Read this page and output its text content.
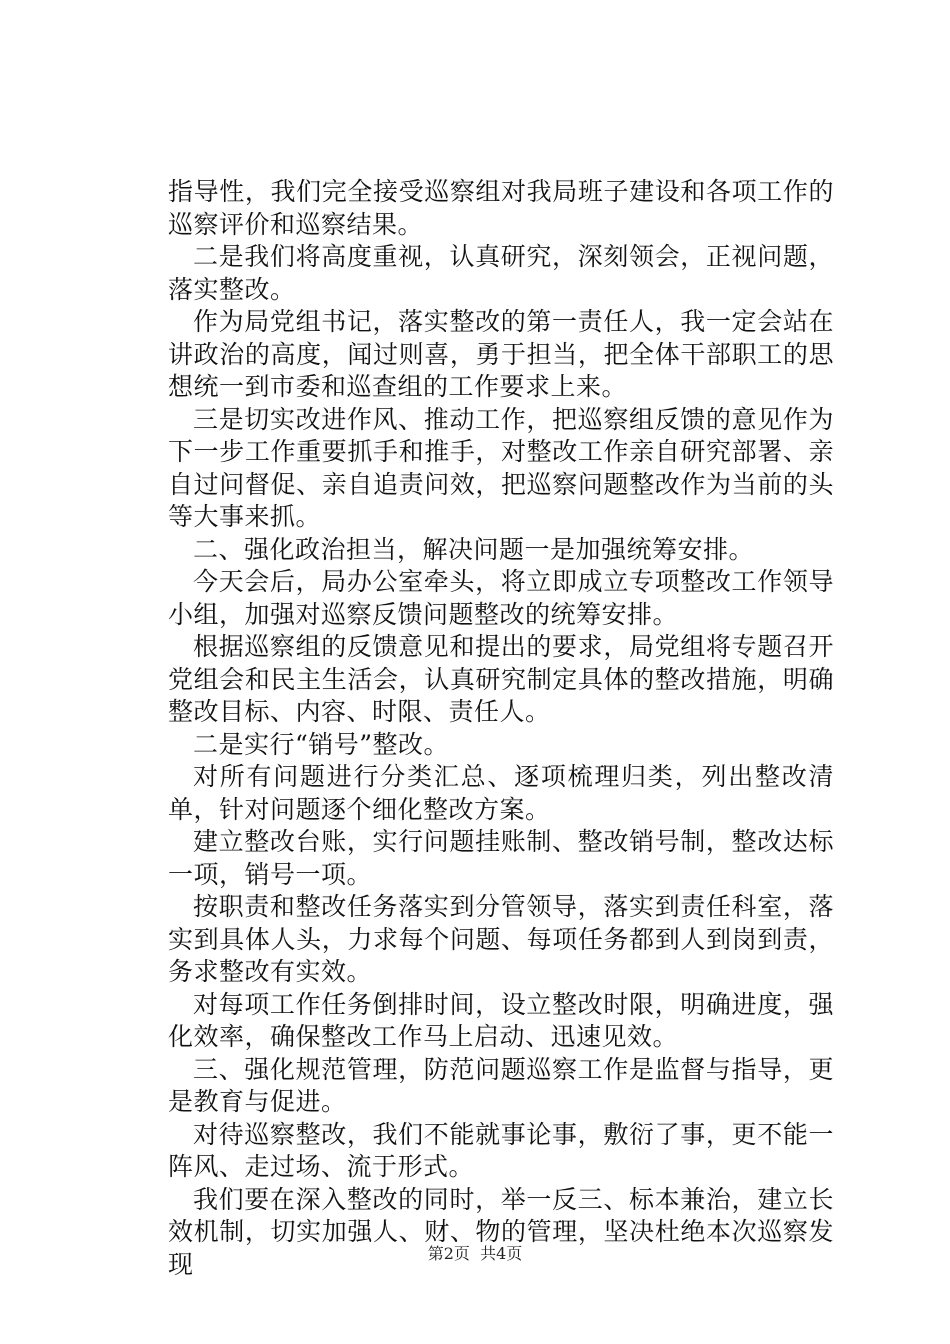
指导性，我们完全接受巡察组对我局班子建设和各项工作的巡察评价和巡察结果。

二是我们将高度重视，认真研究，深刻领会，正视问题，落实整改。

作为局党组书记，落实整改的第一责任人，我一定会站在讲政治的高度，闻过则喜，勇于担当，把全体干部职工的思想统一到市委和巡查组的工作要求上来。

三是切实改进作风、推动工作，把巡察组反馈的意见作为下一步工作重要抓手和推手，对整改工作亲自研究部署、亲自过问督促、亲自追责问效，把巡察问题整改作为当前的头等大事来抓。

二、强化政治担当，解决问题一是加强统筹安排。

今天会后，局办公室牵头，将立即成立专项整改工作领导小组，加强对巡察反馈问题整改的统筹安排。

根据巡察组的反馈意见和提出的要求，局党组将专题召开党组会和民主生活会，认真研究制定具体的整改措施，明确整改目标、内容、时限、责任人。

二是实行“销号”整改。

对所有问题进行分类汇总、逐项梳理归类，列出整改清单，针对问题逐个细化整改方案。

建立整改台账，实行问题挂账制、整改销号制，整改达标一项，销号一项。

按职责和整改任务落实到分管领导，落实到责任科室，落实到具体人头，力求每个问题、每项任务都到人到岗到责，务求整改有实效。

对每项工作任务倒排时间，设立整改时限，明确进度，强化效率，确保整改工作马上启动、迅速见效。

三、强化规范管理，防范问题巡察工作是监督与指导，更是教育与促进。

对待巡察整改，我们不能就事论事，敷衍了事，更不能一阵风、走过场、流于形式。

我们要在深入整改的同时，举一反三、标本兼治，建立长效机制，切实加强人、财、物的管理，坚决杜绝本次巡察发现	第2页  共4页
